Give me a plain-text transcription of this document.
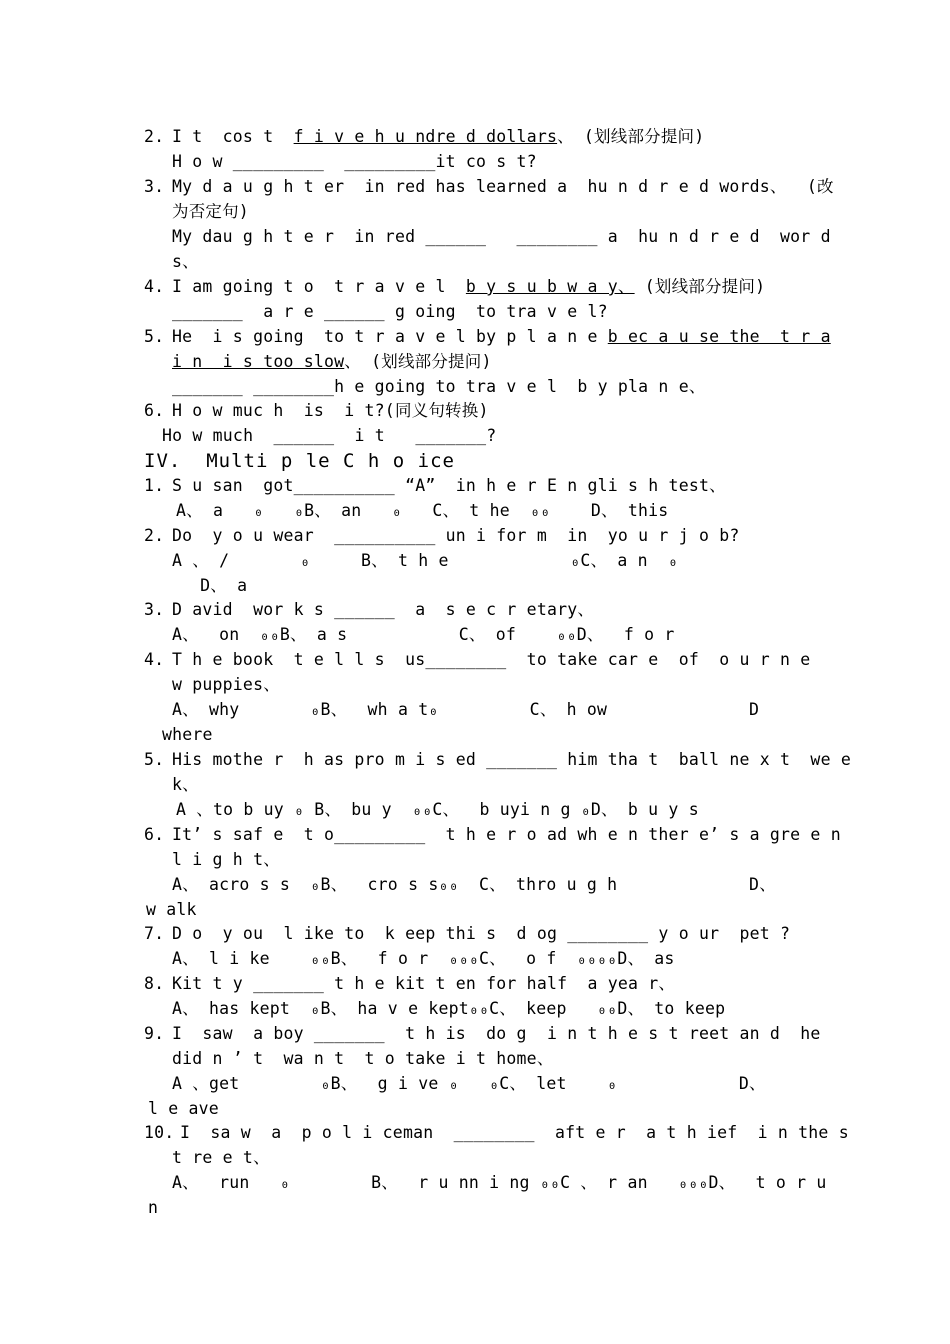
2. I t  cos t  f i v e h u ndre d dollars、 (划线部分提问)
H o w _________  _________it co s t?
3. My d a u g h t er  in red has learned a  hu n d r e d words、  (改
为否定句)
My dau g h t e r  in red ______   ________ a  hu n d r e d  wor d
s、
4. I am going t o  t r a v e l  b y s u b w a y、 (划线部分提问)
_______  a r e ______ g oing  to tra v e l?
5. He  i s going  to t r a v e l by p l a n e b ec a u se the  t r a
i n  i s too slow、 (划线部分提问)
_______ ________h e going to tra v e l  b y pla n e、
6. H o w muc h  is  i t?(同义句转换)
Ho w much  ______  i t   _______?
IV.  Multi p le C h o ice
1. S u san  got__________ “A”  in h e r E n gli s h test、
A、 a   ₀   ₀B、 an   ₀   C、 t he  ₀₀    D、 this
2. Do  y o u wear  __________ un i for m  in  yo u r j o b?
A 、 /       ₀     B、 t h e            ₀C、 a n  ₀
D、 a
3. D avid  wor k s ______  a  s e c r etary、
A、  on  ₀₀B、 a s           C、 of    ₀₀D、  f o r
4. T h e book  t e l l s  us________  to take car e  of  o u r n e
w puppies、
A、 why       ₀B、  wh a t₀         C、 h ow              D
where
5. His mothe r  h as pro m i s ed _______ him tha t  ball ne x t  we e
k、
A 、to b uy ₀ B、 bu y  ₀₀C、  b uyi n g ₀D、 b u y s
6. It’ s saf e  t o_________  t h e r o ad wh e n ther e’ s a gre e n
l i g h t、
A、 acro s s  ₀B、  cro s s₀₀  C、 thro u g h             D、
w alk
7. D o  y ou  l ike to  k eep thi s  d og ________ y o ur  pet ?
A、 l i ke    ₀₀B、  f o r  ₀₀₀C、  o f  ₀₀₀₀D、 as
8. Kit t y _______ t h e kit t en for half  a yea r、
A、 has kept  ₀B、 ha v e kept₀₀C、 keep   ₀₀D、 to keep
9. I  saw  a boy _______  t h is  do g  i n t h e s t reet an d  he
did n ’ t  wa n t  t o take i t home、
A 、get        ₀B、  g i ve ₀   ₀C、 let    ₀            D、
l e ave
10. I  sa w  a  p o l i ceman  ________  aft e r  a t h ief  i n the s
t re e t、
A、  run   ₀        B、  r u nn i ng ₀₀C 、 r an   ₀₀₀D、  t o r u
n
